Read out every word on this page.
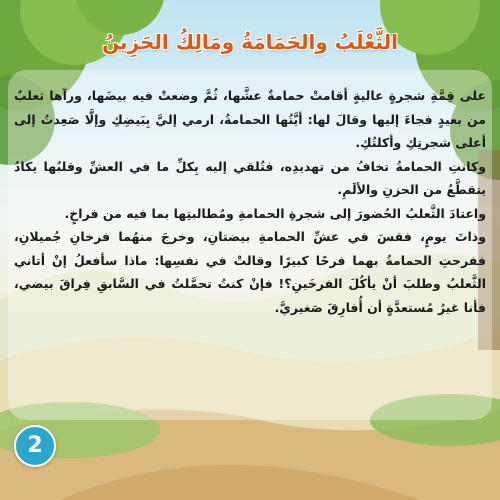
الثَّعْلَبُ والحَمَامَةُ ومَالِكُ الحَزِينُ

على قِمَّةِ شجرةٍ عاليةٍ أقامتْ حمامةٌ عشَّها، ثُمَّ وضعتْ فيه بيضَها، ورآها ثعلبٌ من بعيدٍ فجاءَ إليها وقالَ لها: أيَّتُها الحمامةُ، ارمي إليَّ بِبَيضِكِ وإلَّا صَعِدتُ إلى أعلى شجرتِكِ وأكلتُكِ.

وكانتِ الحمامةُ تخافُ من تهديدِه، فتُلقي إليه بِكلِّ ما في العشِّ وقلبُها يكادُ يتقطَّعُ من الحزنِ والألَمِ.

واعتادَ الثَّعلبُ الحُضورَ إلى شجرةِ الحمامةِ ومُطالبتِها بما فيه من فراخٍ.

وذاتَ يومٍ، فقسَ في عشِّ الحمامةِ بيضتانِ، وخرجَ منهُما فرخانِ جُميلانِ، ففرحتِ الحمامةُ بهما فرحًا كبيرًا وقالتْ في نفسِها: ماذا سأفعلُ إنْ أتاني الثَّعلبُ وطلبَ أنْ يأكُلَ الفرخَينِ؟! فإنْ كنتُ تحمَّلتُ في السَّابقِ فِراقَ بيضي، فأنا غيرُ مُستعدَّةٍ أن أُفارِقَ صَغيريَّ.

2
